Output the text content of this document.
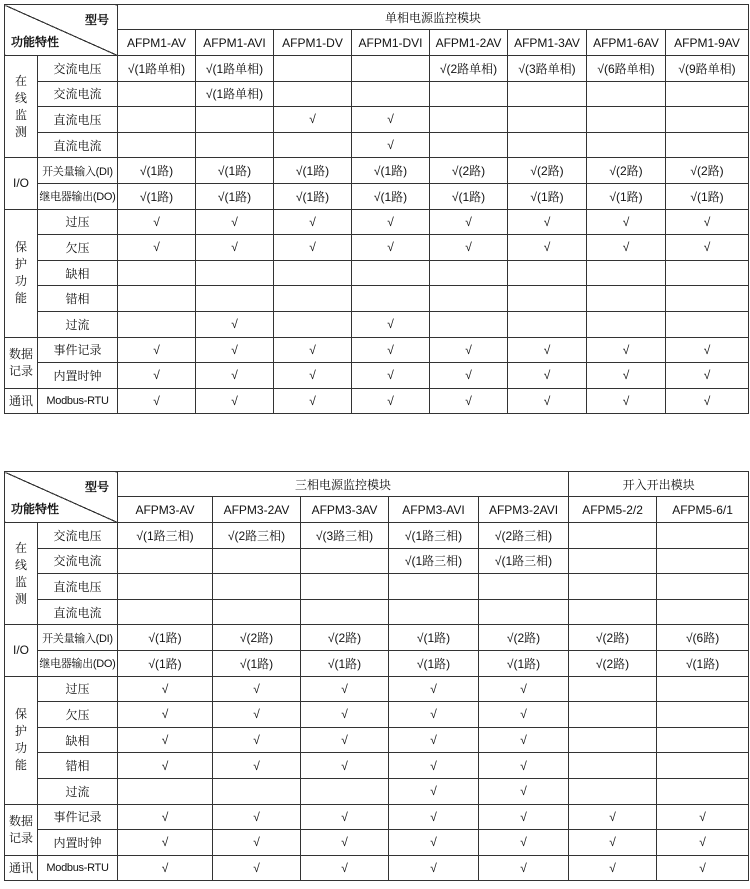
型号
功能特性		单相电源监控模块							
		AFPM1-AV	AFPM1-AVI	AFPM1-DV	AFPM1-DVI	AFPM1-2AV	AFPM1-3AV	AFPM1-6AV	AFPM1-9AV

在
线
监
测	交流电压	√(1路单相)	√(1路单相)			√(2路单相)	√(3路单相)	√(6路单相)	√(9路单相)
	交流电流		√(1路单相)						
	直流电压			√	√				
	直流电流				√				
I/O	开关量输入(DI)	√(1路)	√(1路)	√(1路)	√(1路)	√(2路)	√(2路)	√(2路)	√(2路)
	继电器输出(DO)	√(1路)	√(1路)	√(1路)	√(1路)	√(1路)	√(1路)	√(1路)	√(1路)

保
护
功
能	过压	√	√	√	√	√	√	√	√
	欠压	√	√	√	√	√	√	√	√
	缺相								
	错相								
	过流		√		√				

数据
记录	事件记录	√	√	√	√	√	√	√	√
	内置时钟	√	√	√	√	√	√	√	√

通讯	Modbus-RTU	√	√	√	√	√	√	√	√
型号
功能特性		三相电源监控模块					开入开出模块	
		AFPM3-AV	AFPM3-2AV	AFPM3-3AV	AFPM3-AVI	AFPM3-2AVI	AFPM5-2/2	AFPM5-6/1

在
线
监
测	交流电压	√(1路三相)	√(2路三相)	√(3路三相)	√(1路三相)	√(2路三相)		
	交流电流				√(1路三相)	√(1路三相)		
	直流电压							
	直流电流							
I/O	开关量输入(DI)	√(1路)	√(2路)	√(2路)	√(1路)	√(2路)	√(2路)	√(6路)
	继电器输出(DO)	√(1路)	√(1路)	√(1路)	√(1路)	√(1路)	√(2路)	√(1路)

保
护
功
能	过压	√	√	√	√	√		
	欠压	√	√	√	√	√		
	缺相	√	√	√	√	√		
	错相	√	√	√	√	√		
	过流				√	√		

数据
记录	事件记录	√	√	√	√	√	√	√
	内置时钟	√	√	√	√	√	√	√

通讯	Modbus-RTU	√	√	√	√	√	√	√
